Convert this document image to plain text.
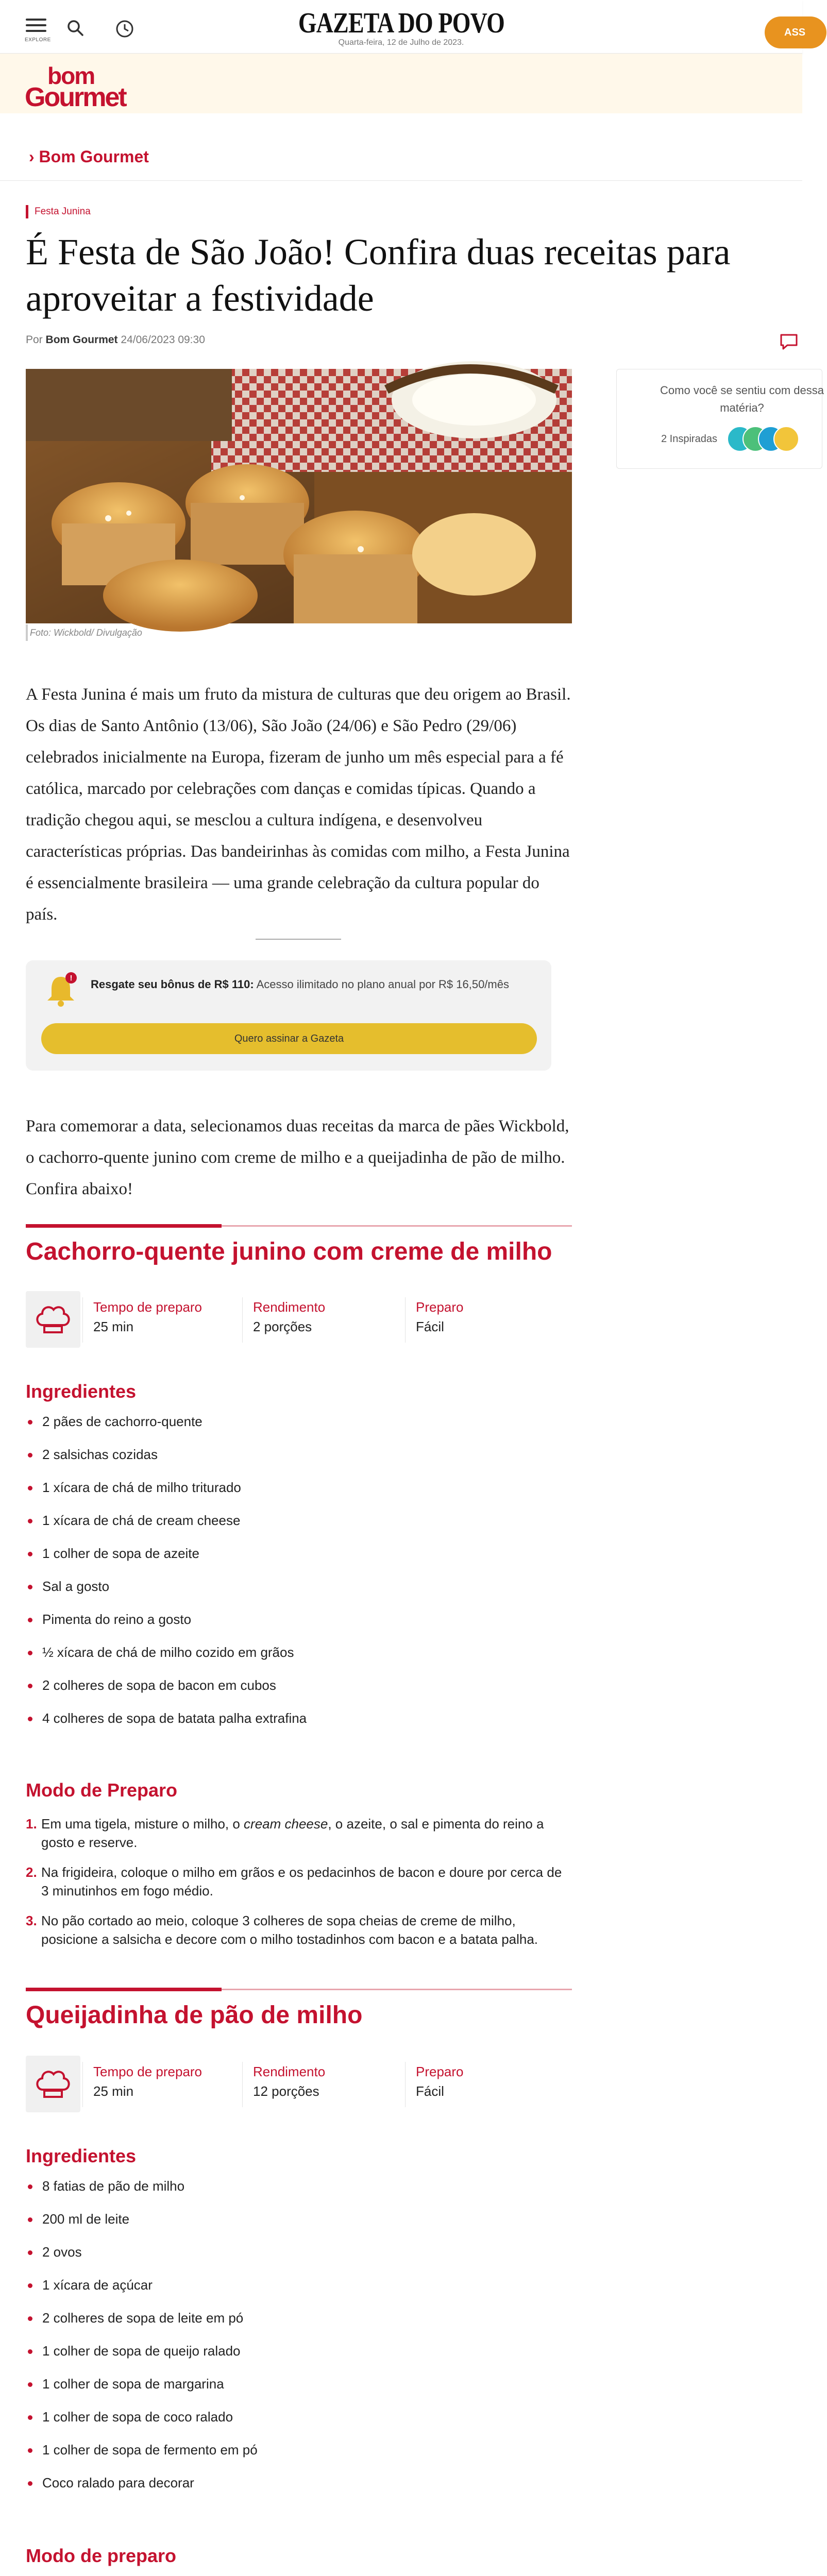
EXPLORE
GAZETA DO POVO
Quarta-feira, 12 de Julho de 2023.
ASS
bom
Gourmet
› Bom Gourmet
Festa Junina
É Festa de São João! Confira duas receitas para aproveitar a festividade
Por Bom Gourmet 24/06/2023 09:30
Foto: Wickbold/ Divulgação
Como você se sentiu com dessa matéria?
2 Inspiradas

A Festa Junina é mais um fruto da mistura de culturas que deu origem ao Brasil. Os dias de Santo Antônio (13/06), São João (24/06) e São Pedro (29/06) celebrados inicialmente na Europa, fizeram de junho um mês especial para a fé católica, marcado por celebrações com danças e comidas típicas. Quando a tradição chegou aqui, se mesclou a cultura indígena, e desenvolveu características próprias. Das bandeirinhas às comidas com milho, a Festa Junina é essencialmente brasileira — uma grande celebração da cultura popular do país.

! Resgate seu bônus de R$ 110: Acesso ilimitado no plano anual por R$ 16,50/mês
Quero assinar a Gazeta

Para comemorar a data, selecionamos duas receitas da marca de pães Wickbold, o cachorro-quente junino com creme de milho e a queijadinha de pão de milho. Confira abaixo!

Cachorro-quente junino com creme de milho
Tempo de preparo
25 min
Rendimento
2 porções
Preparo
Fácil
Ingredientes
2 pães de cachorro-quente
2 salsichas cozidas
1 xícara de chá de milho triturado
1 xícara de chá de cream cheese
1 colher de sopa de azeite
Sal a gosto
Pimenta do reino a gosto
½ xícara de chá de milho cozido em grãos
2 colheres de sopa de bacon em cubos
4 colheres de sopa de batata palha extrafina
Modo de Preparo
1. Em uma tigela, misture o milho, o cream cheese, o azeite, o sal e pimenta do reino a gosto e reserve.
2. Na frigideira, coloque o milho em grãos e os pedacinhos de bacon e doure por cerca de 3 minutinhos em fogo médio.
3. No pão cortado ao meio, coloque 3 colheres de sopa cheias de creme de milho, posicione a salsicha e decore com o milho tostadinhos com bacon e a batata palha.
Queijadinha de pão de milho
Tempo de preparo
25 min
Rendimento
12 porções
Preparo
Fácil
Ingredientes
8 fatias de pão de milho
200 ml de leite
2 ovos
1 xícara de açúcar
2 colheres de sopa de leite em pó
1 colher de sopa de queijo ralado
1 colher de sopa de margarina
1 colher de sopa de coco ralado
1 colher de sopa de fermento em pó
Coco ralado para decorar
Modo de preparo
